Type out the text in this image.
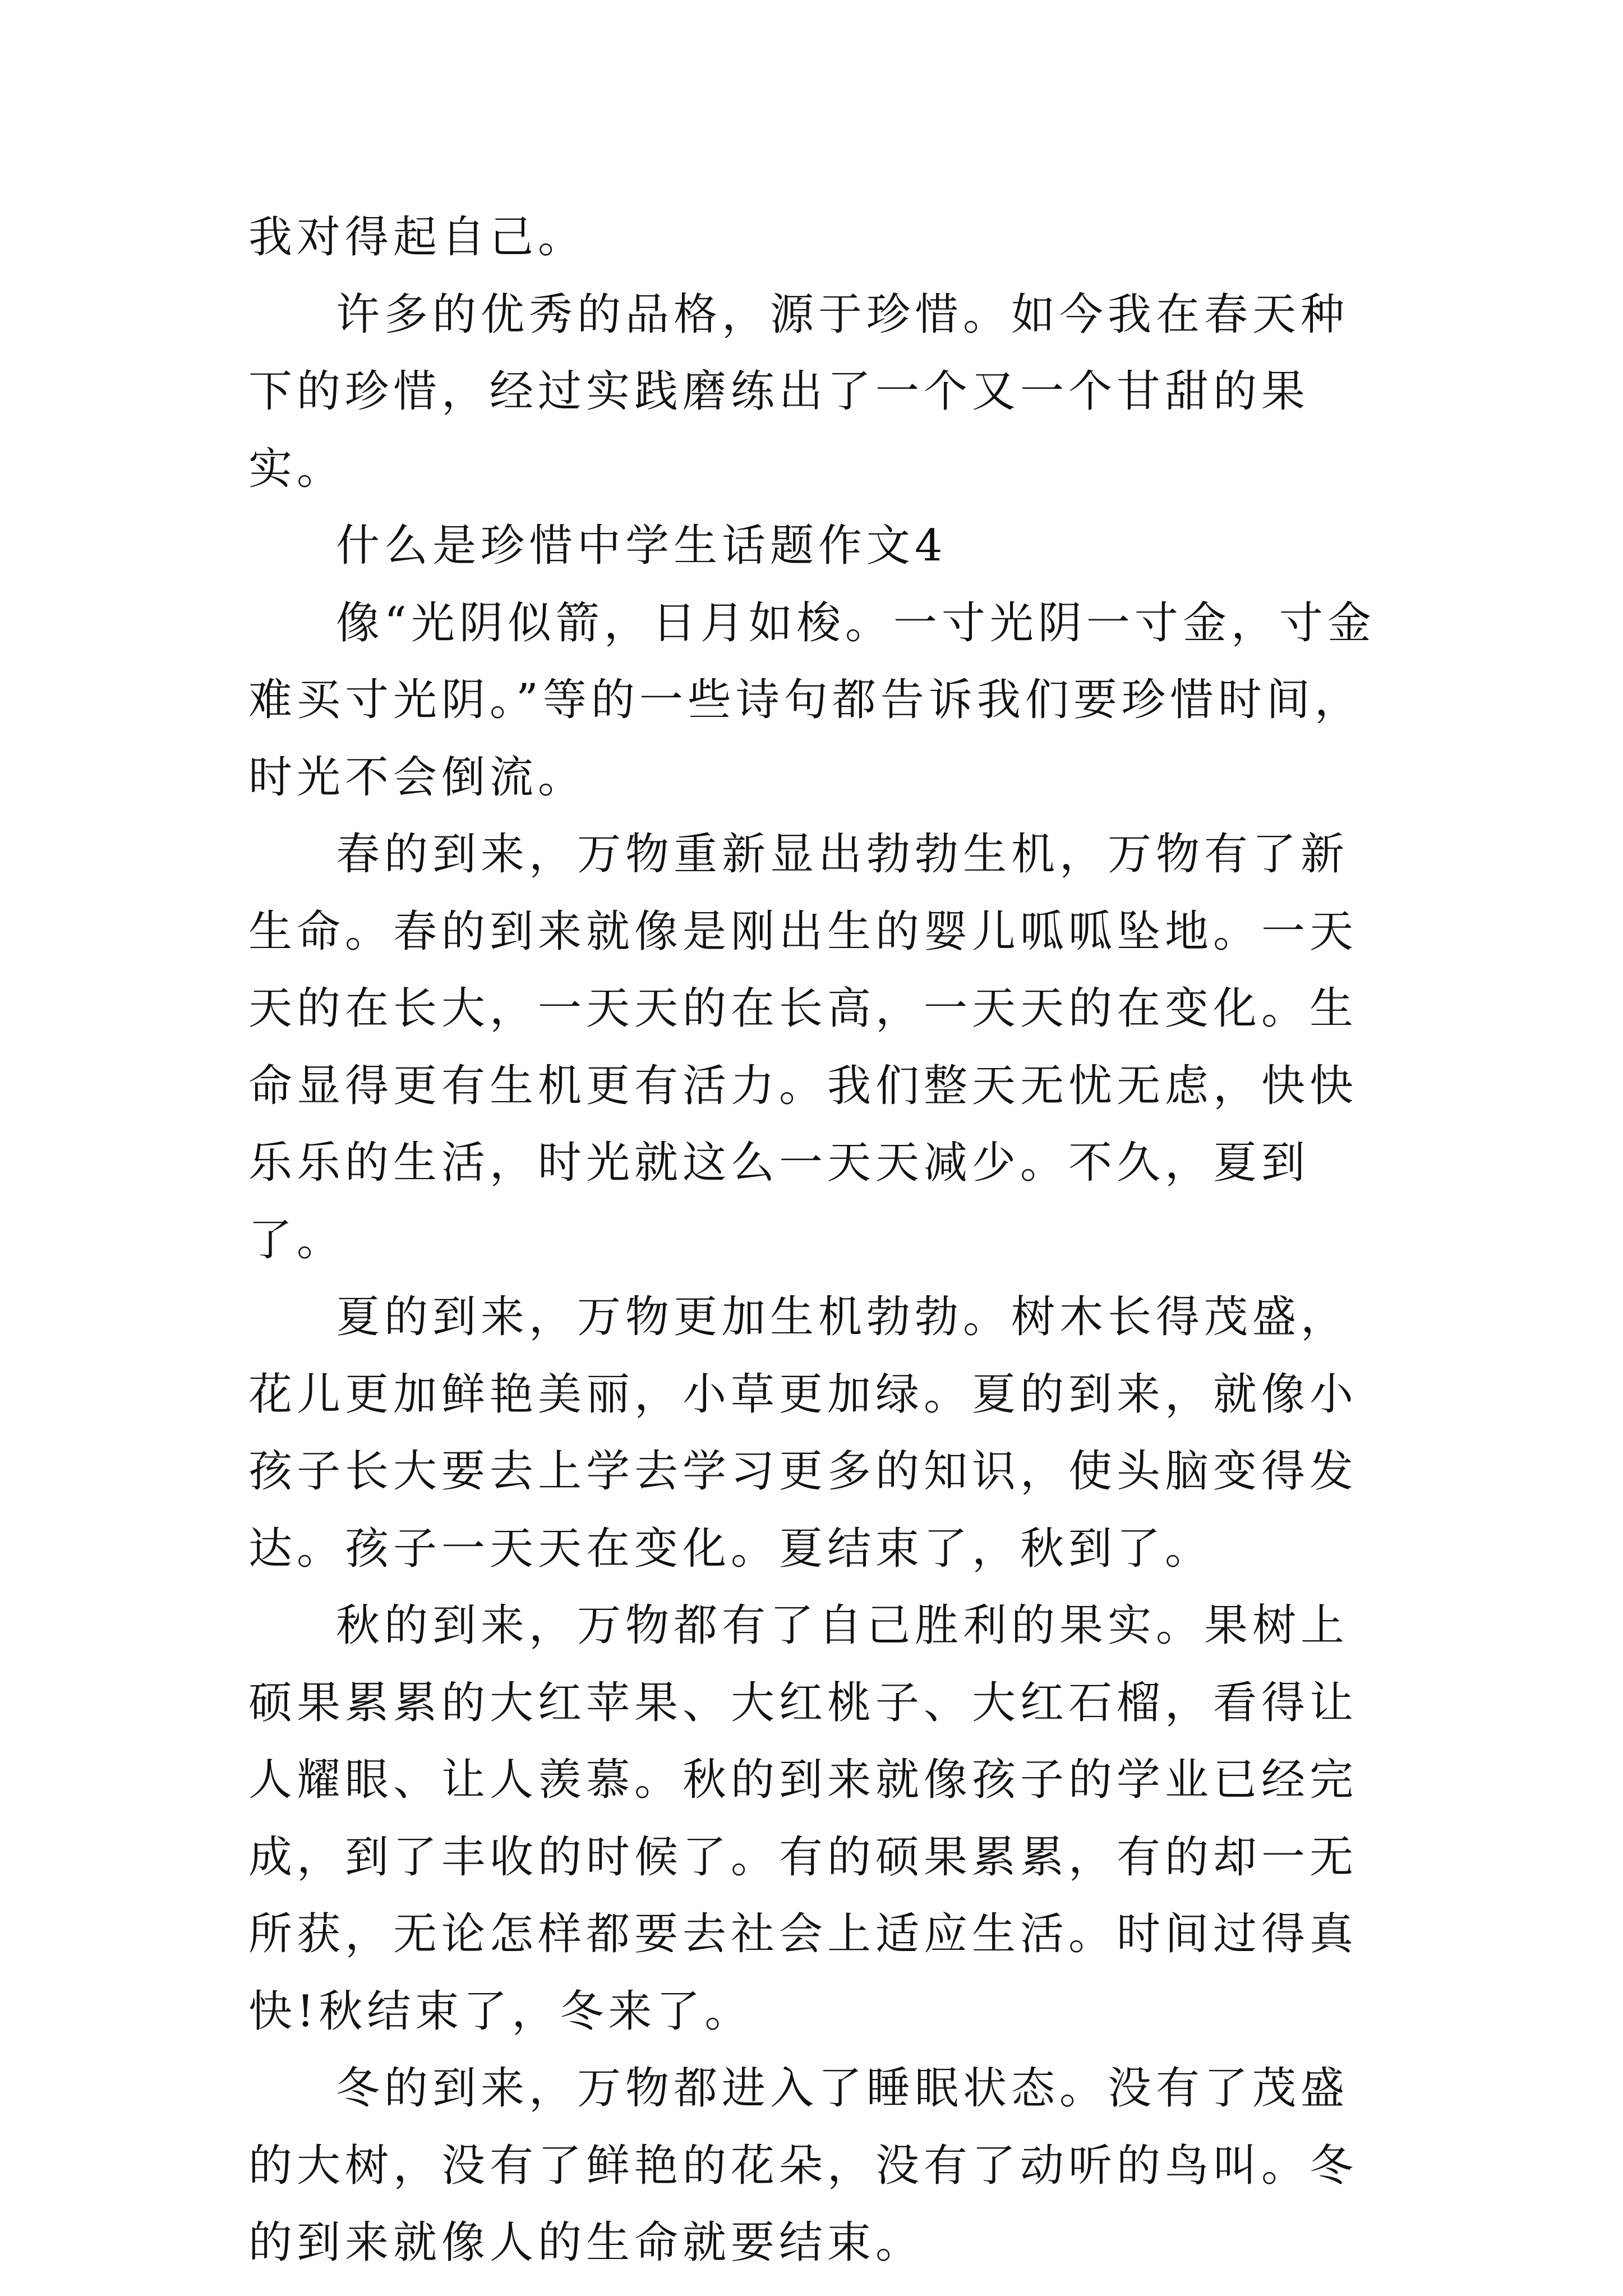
我对得起自己。

许多的优秀的品格，源于珍惜。如今我在春天种下的珍惜，经过实践磨练出了一个又一个甘甜的果实。

什么是珍惜中学生话题作文4

像“光阴似箭，日月如梭。一寸光阴一寸金，寸金难买寸光阴。”等的一些诗句都告诉我们要珍惜时间，时光不会倒流。

春的到来，万物重新显出勃勃生机，万物有了新生命。春的到来就像是刚出生的婴儿呱呱坠地。一天天的在长大，一天天的在长高，一天天的在变化。生命显得更有生机更有活力。我们整天无忧无虑，快快乐乐的生活，时光就这么一天天减少。不久，夏到了。

夏的到来，万物更加生机勃勃。树木长得茂盛，花儿更加鲜艳美丽，小草更加绿。夏的到来，就像小孩子长大要去上学去学习更多的知识，使头脑变得发达。孩子一天天在变化。夏结束了，秋到了。

秋的到来，万物都有了自己胜利的果实。果树上硕果累累的大红苹果、大红桃子、大红石榴，看得让人耀眼、让人羡慕。秋的到来就像孩子的学业已经完成，到了丰收的时候了。有的硕果累累，有的却一无所获，无论怎样都要去社会上适应生活。时间过得真快!秋结束了，冬来了。

冬的到来，万物都进入了睡眠状态。没有了茂盛的大树，没有了鲜艳的花朵，没有了动听的鸟叫。冬的到来就像人的生命就要结束。
